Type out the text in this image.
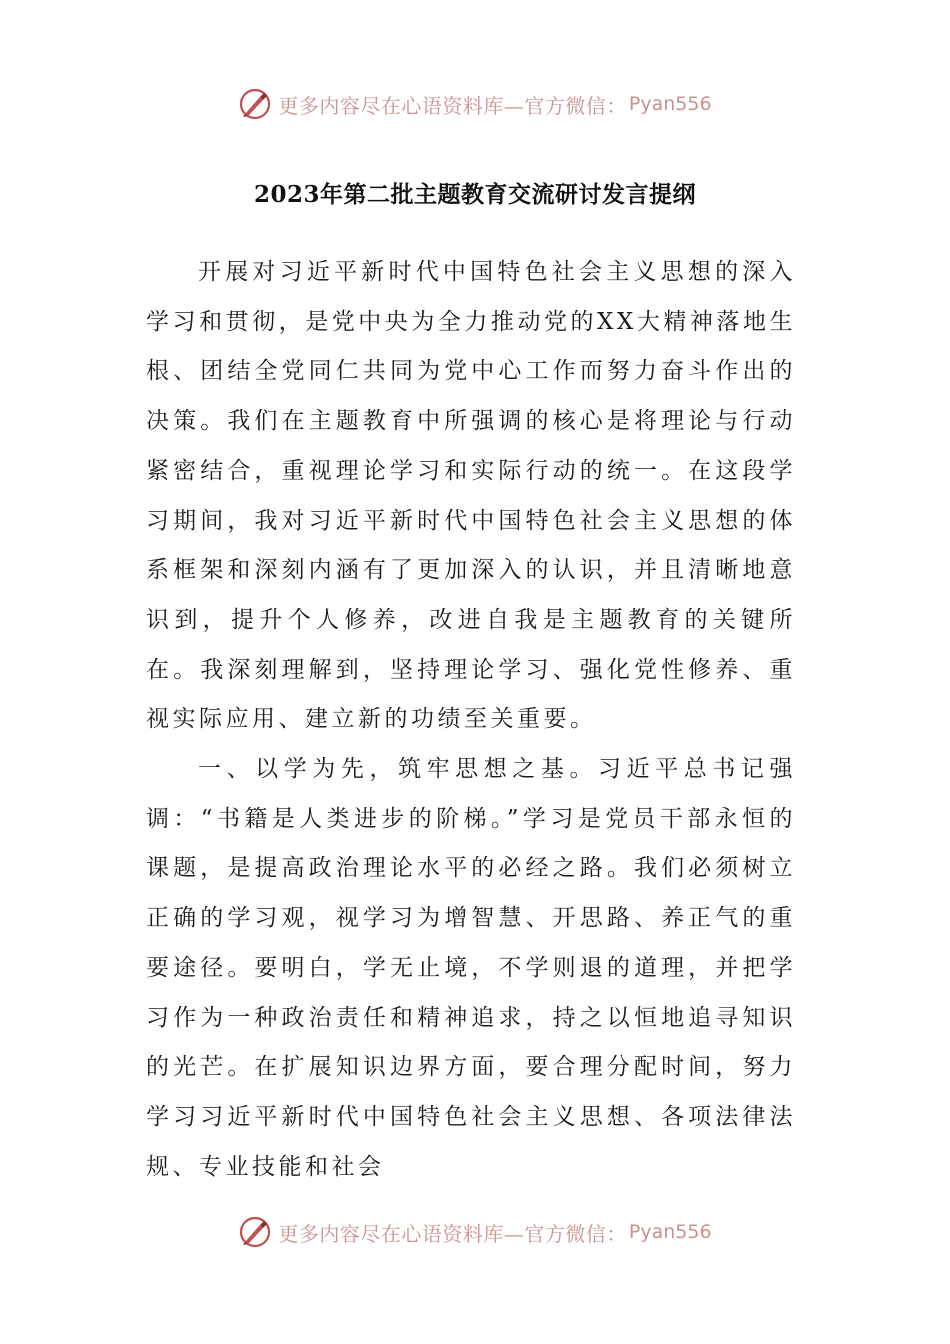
更多内容尽在心语资料库—官方微信： Pyan556
2023年第二批主题教育交流研讨发言提纲

开展对习近平新时代中国特色社会主义思想的深入学习和贯彻，是党中央为全力推动党的XX大精神落地生根、团结全党同仁共同为党中心工作而努力奋斗作出的决策。我们在主题教育中所强调的核心是将理论与行动紧密结合，重视理论学习和实际行动的统一。在这段学习期间，我对习近平新时代中国特色社会主义思想的体系框架和深刻内涵有了更加深入的认识，并且清晰地意识到，提升个人修养，改进自我是主题教育的关键所在。我深刻理解到，坚持理论学习、强化党性修养、重视实际应用、建立新的功绩至关重要。

一、以学为先，筑牢思想之基。习近平总书记强调：“书籍是人类进步的阶梯。”学习是党员干部永恒的课题，是提高政治理论水平的必经之路。我们必须树立正确的学习观，视学习为增智慧、开思路、养正气的重要途径。要明白，学无止境，不学则退的道理，并把学习作为一种政治责任和精神追求，持之以恒地追寻知识的光芒。在扩展知识边界方面，要合理分配时间，努力学习习近平新时代中国特色社会主义思想、各项法律法规、专业技能和社会

更多内容尽在心语资料库—官方微信： Pyan556
